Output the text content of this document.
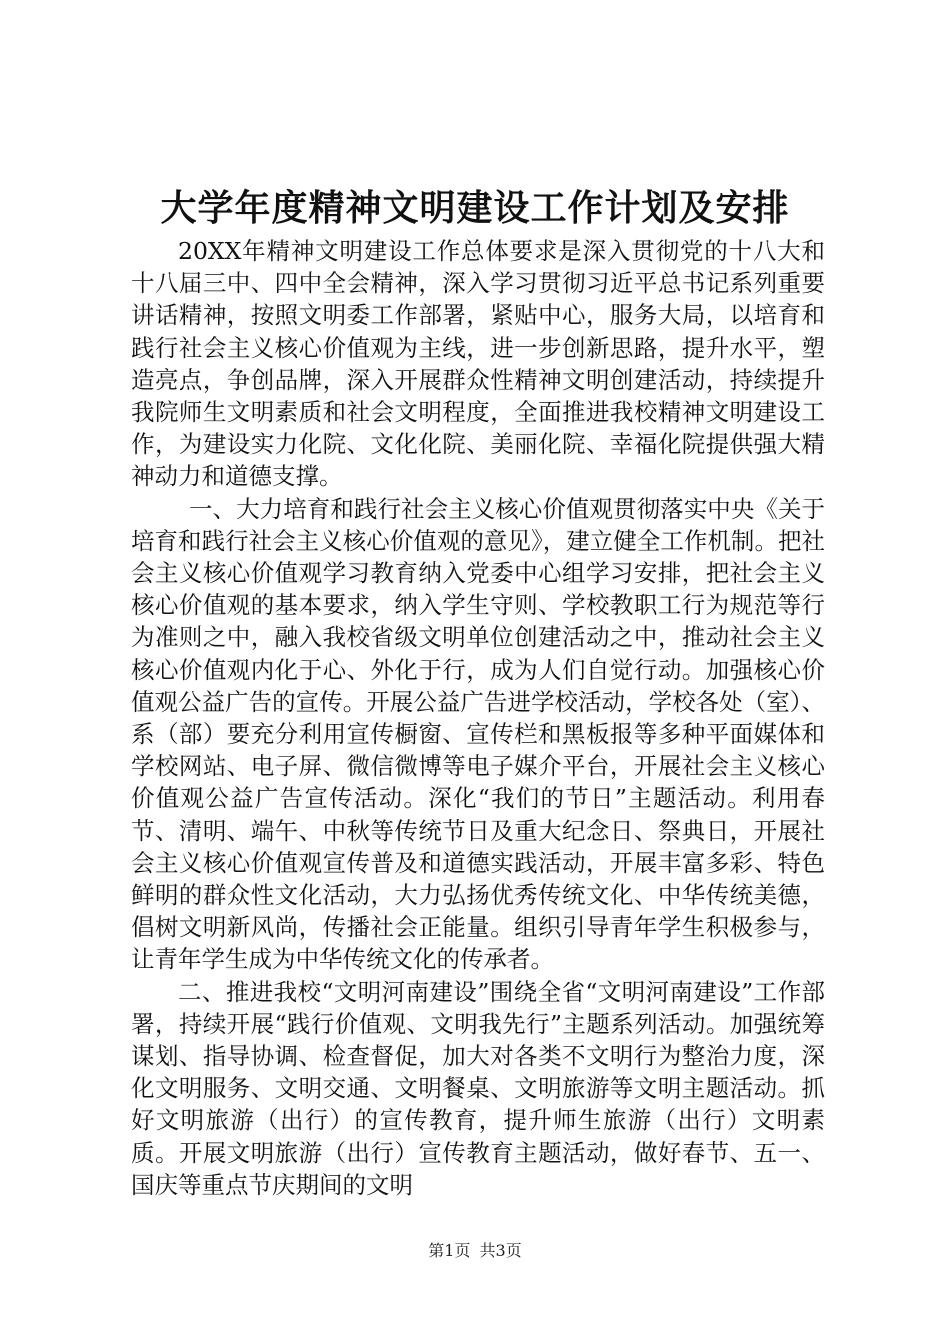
大学年度精神文明建设工作计划及安排

20XX年精神文明建设工作总体要求是深入贯彻党的十八大和十八届三中、四中全会精神，深入学习贯彻习近平总书记系列重要讲话精神，按照文明委工作部署，紧贴中心，服务大局，以培育和践行社会主义核心价值观为主线，进一步创新思路，提升水平，塑造亮点，争创品牌，深入开展群众性精神文明创建活动，持续提升我院师生文明素质和社会文明程度，全面推进我校精神文明建设工作，为建设实力化院、文化化院、美丽化院、幸福化院提供强大精神动力和道德支撑。

一、大力培育和践行社会主义核心价值观贯彻落实中央《关于培育和践行社会主义核心价值观的意见》，建立健全工作机制。把社会主义核心价值观学习教育纳入党委中心组学习安排，把社会主义核心价值观的基本要求，纳入学生守则、学校教职工行为规范等行为准则之中，融入我校省级文明单位创建活动之中，推动社会主义核心价值观内化于心、外化于行，成为人们自觉行动。加强核心价值观公益广告的宣传。开展公益广告进学校活动，学校各处（室）、系（部）要充分利用宣传橱窗、宣传栏和黑板报等多种平面媒体和学校网站、电子屏、微信微博等电子媒介平台，开展社会主义核心价值观公益广告宣传活动。深化“我们的节日”主题活动。利用春节、清明、端午、中秋等传统节日及重大纪念日、祭典日，开展社会主义核心价值观宣传普及和道德实践活动，开展丰富多彩、特色鲜明的群众性文化活动，大力弘扬优秀传统文化、中华传统美德，倡树文明新风尚，传播社会正能量。组织引导青年学生积极参与，让青年学生成为中华传统文化的传承者。

二、推进我校“文明河南建设”围绕全省“文明河南建设”工作部署，持续开展“践行价值观、文明我先行”主题系列活动。加强统筹谋划、指导协调、检查督促，加大对各类不文明行为整治力度，深化文明服务、文明交通、文明餐桌、文明旅游等文明主题活动。抓好文明旅游（出行）的宣传教育，提升师生旅游（出行）文明素质。开展文明旅游（出行）宣传教育主题活动，做好春节、五一、国庆等重点节庆期间的文明

第1页 共3页
